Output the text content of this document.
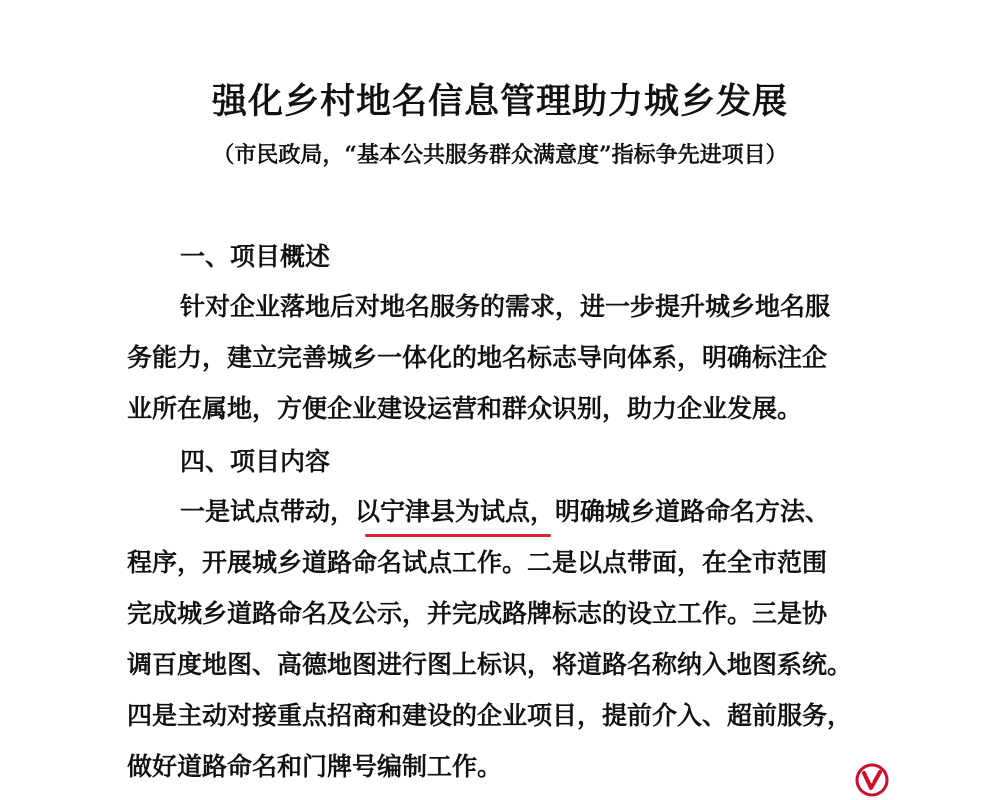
强化乡村地名信息管理助力城乡发展
（市民政局，“基本公共服务群众满意度”指标争先进项目）
一、项目概述
针对企业落地后对地名服务的需求，进一步提升城乡地名服
务能力，建立完善城乡一体化的地名标志导向体系，明确标注企
业所在属地，方便企业建设运营和群众识别，助力企业发展。
四、项目内容
一是试点带动，以宁津县为试点，明确城乡道路命名方法、
程序，开展城乡道路命名试点工作。二是以点带面，在全市范围
完成城乡道路命名及公示，并完成路牌标志的设立工作。三是协
调百度地图、高德地图进行图上标识，将道路名称纳入地图系统。
四是主动对接重点招商和建设的企业项目，提前介入、超前服务，
做好道路命名和门牌号编制工作。
